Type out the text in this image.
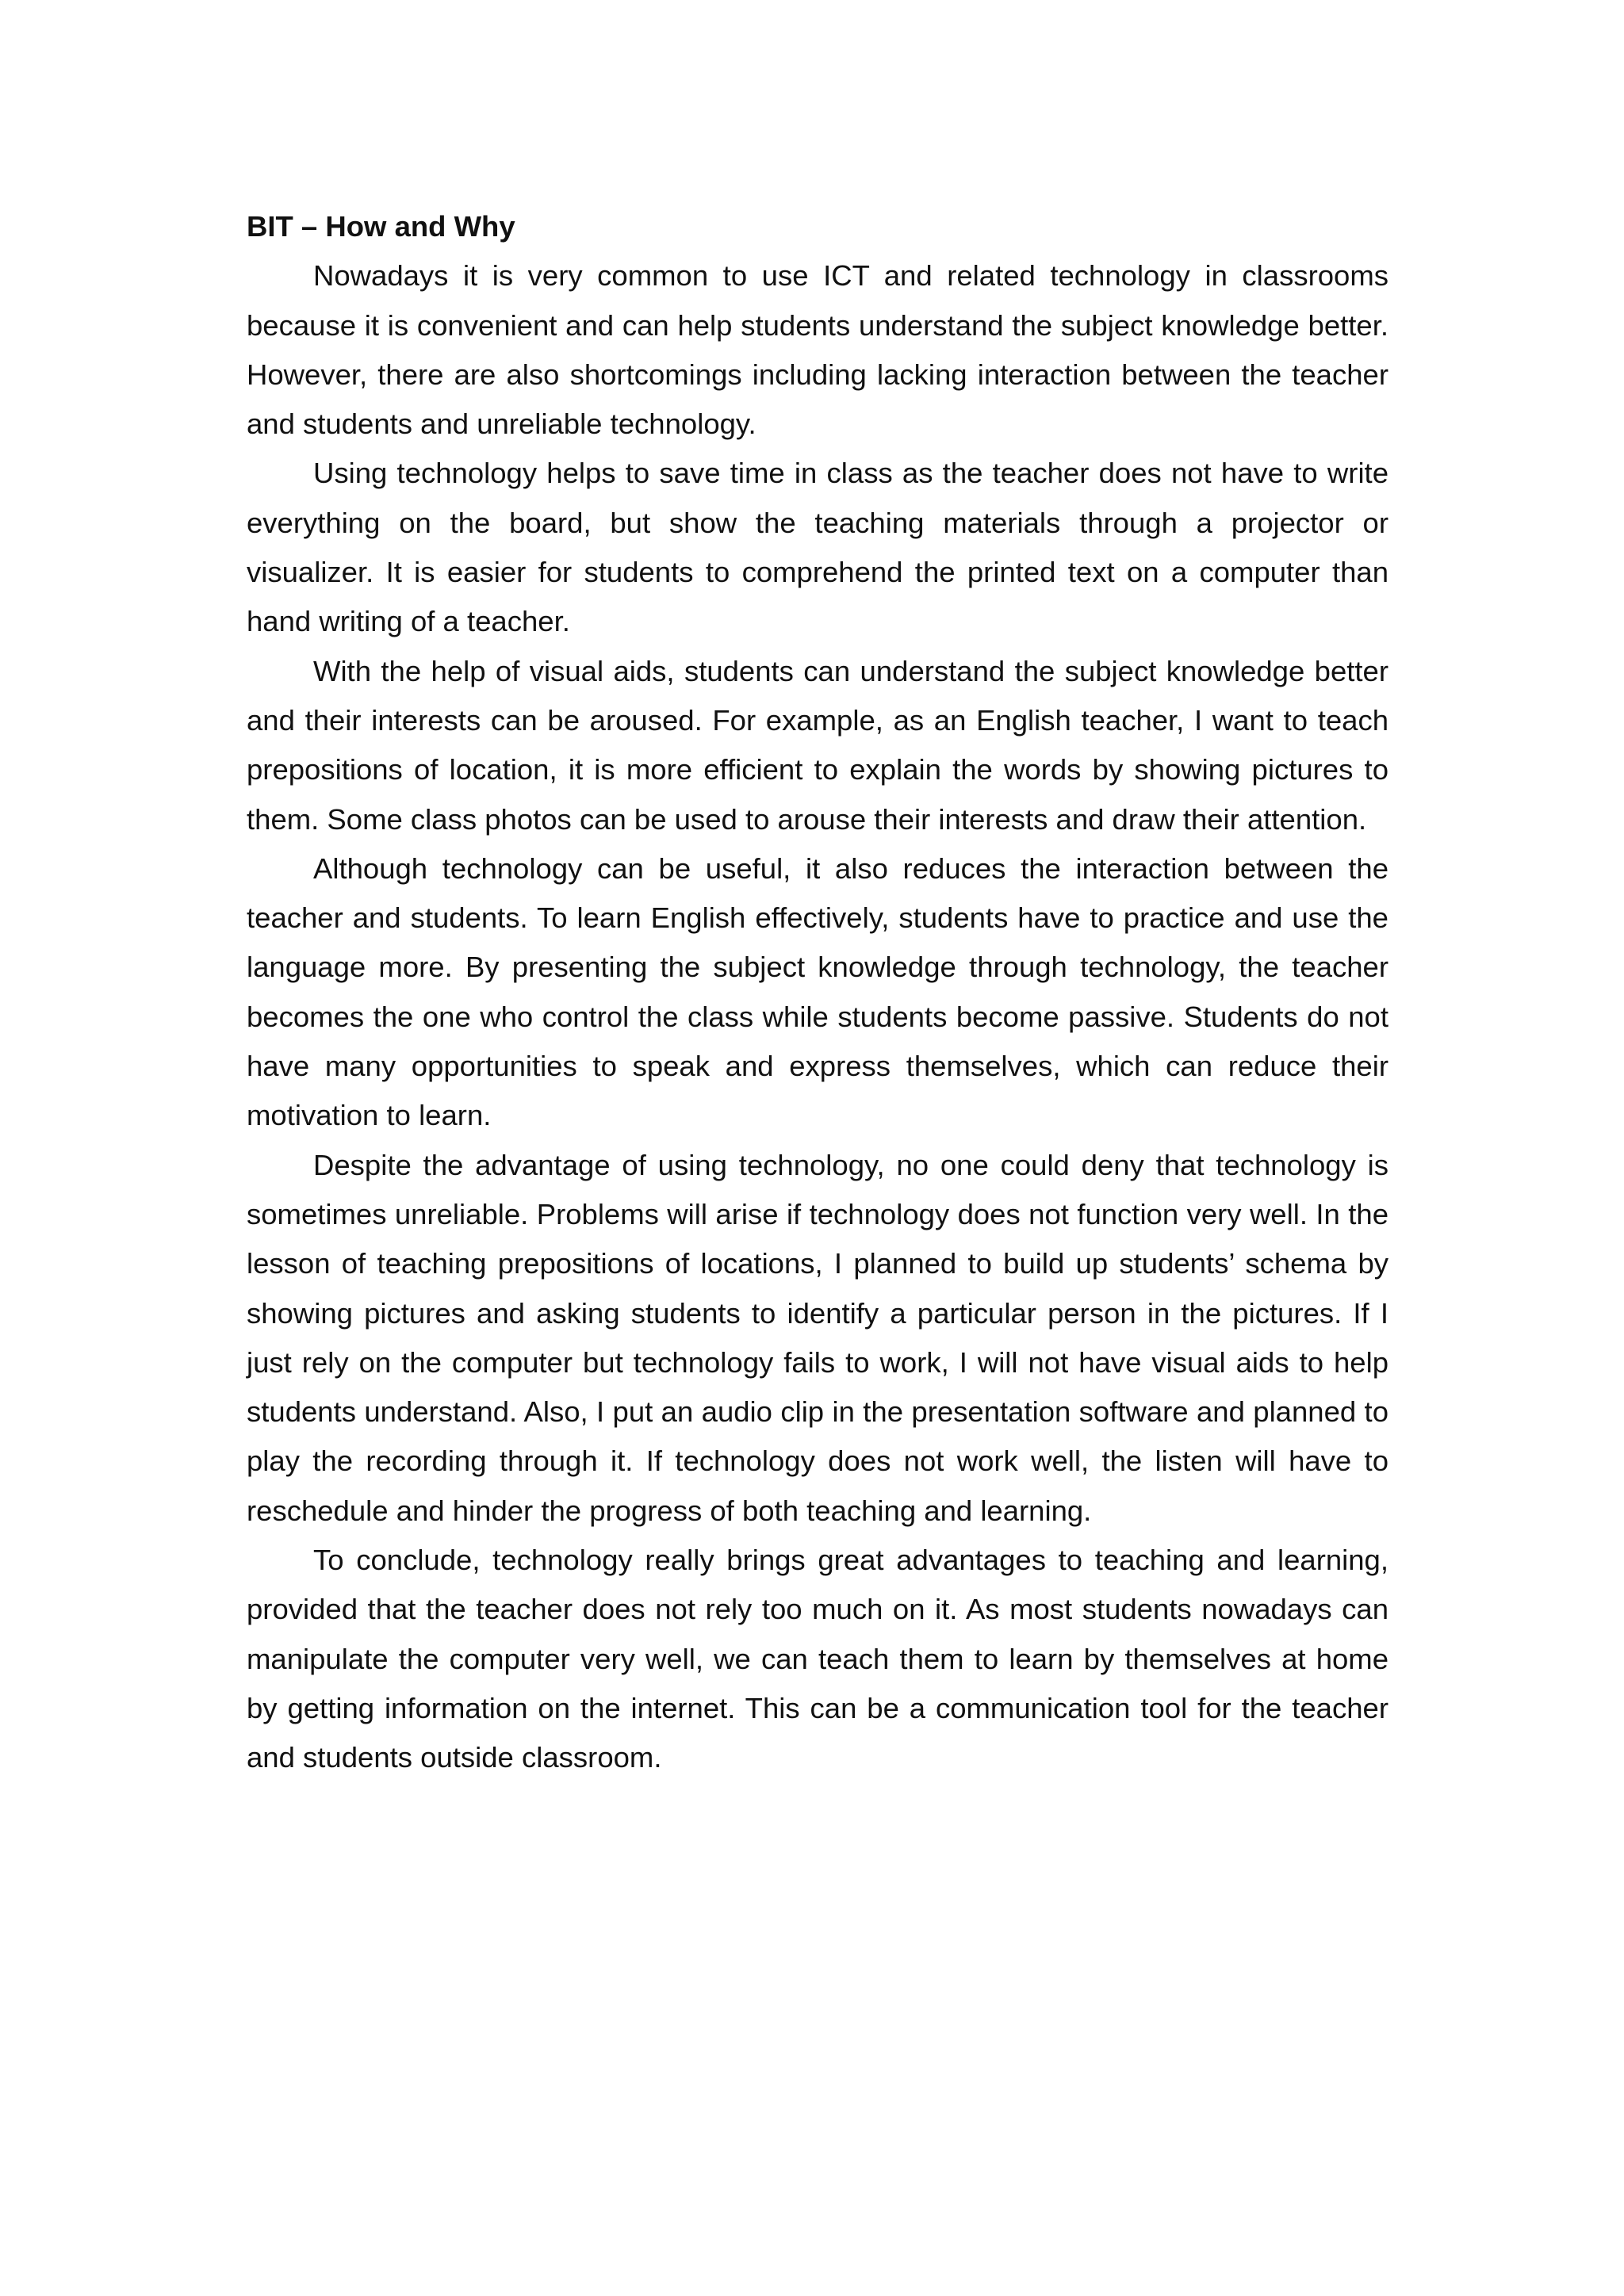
BIT – How and Why

Nowadays it is very common to use ICT and related technology in classrooms because it is convenient and can help students understand the subject knowledge better. However, there are also shortcomings including lacking interaction between the teacher and students and unreliable technology.

Using technology helps to save time in class as the teacher does not have to write everything on the board, but show the teaching materials through a projector or visualizer. It is easier for students to comprehend the printed text on a computer than hand writing of a teacher.

With the help of visual aids, students can understand the subject knowledge better and their interests can be aroused. For example, as an English teacher, I want to teach prepositions of location, it is more efficient to explain the words by showing pictures to them. Some class photos can be used to arouse their interests and draw their attention.

Although technology can be useful, it also reduces the interaction between the teacher and students. To learn English effectively, students have to practice and use the language more. By presenting the subject knowledge through technology, the teacher becomes the one who control the class while students become passive. Students do not have many opportunities to speak and express themselves, which can reduce their motivation to learn.

Despite the advantage of using technology, no one could deny that technology is sometimes unreliable. Problems will arise if technology does not function very well. In the lesson of teaching prepositions of locations, I planned to build up students’ schema by showing pictures and asking students to identify a particular person in the pictures. If I just rely on the computer but technology fails to work, I will not have visual aids to help students understand. Also, I put an audio clip in the presentation software and planned to play the recording through it. If technology does not work well, the listen will have to reschedule and hinder the progress of both teaching and learning.

To conclude, technology really brings great advantages to teaching and learning, provided that the teacher does not rely too much on it. As most students nowadays can manipulate the computer very well, we can teach them to learn by themselves at home by getting information on the internet. This can be a communication tool for the teacher and students outside classroom.
